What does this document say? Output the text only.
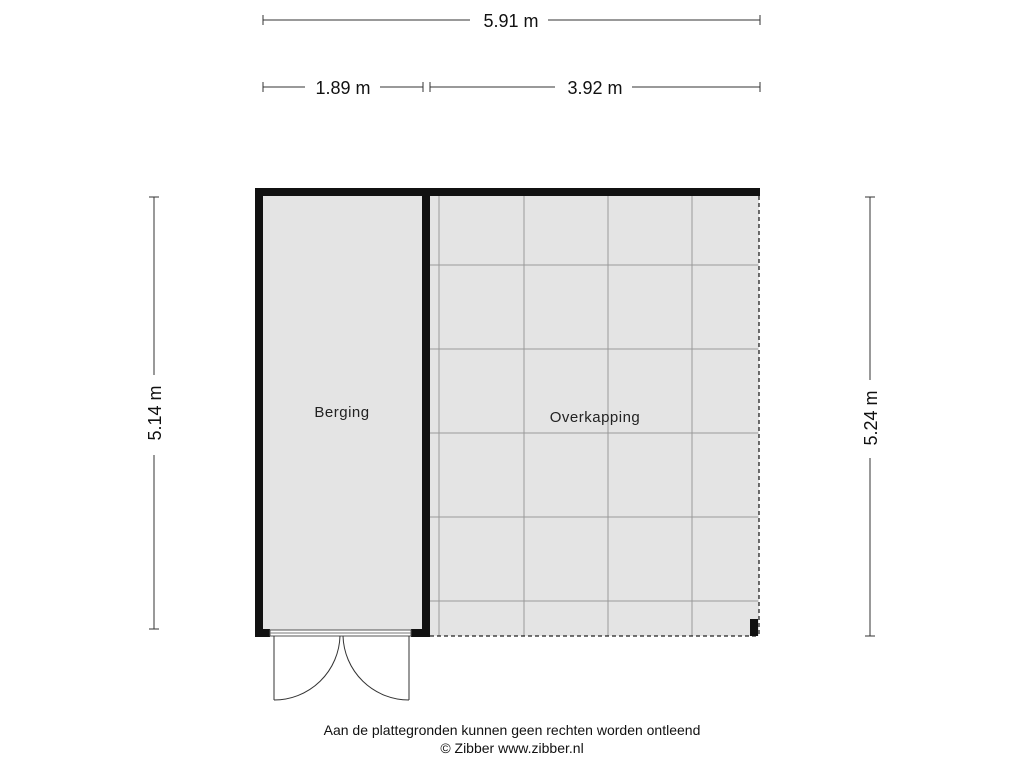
5.91 m
1.89 m	3.92 m
5.14 m	5.24 m
Berging	Overkapping
Aan de plattegronden kunnen geen rechten worden ontleend
© Zibber www.zibber.nl
